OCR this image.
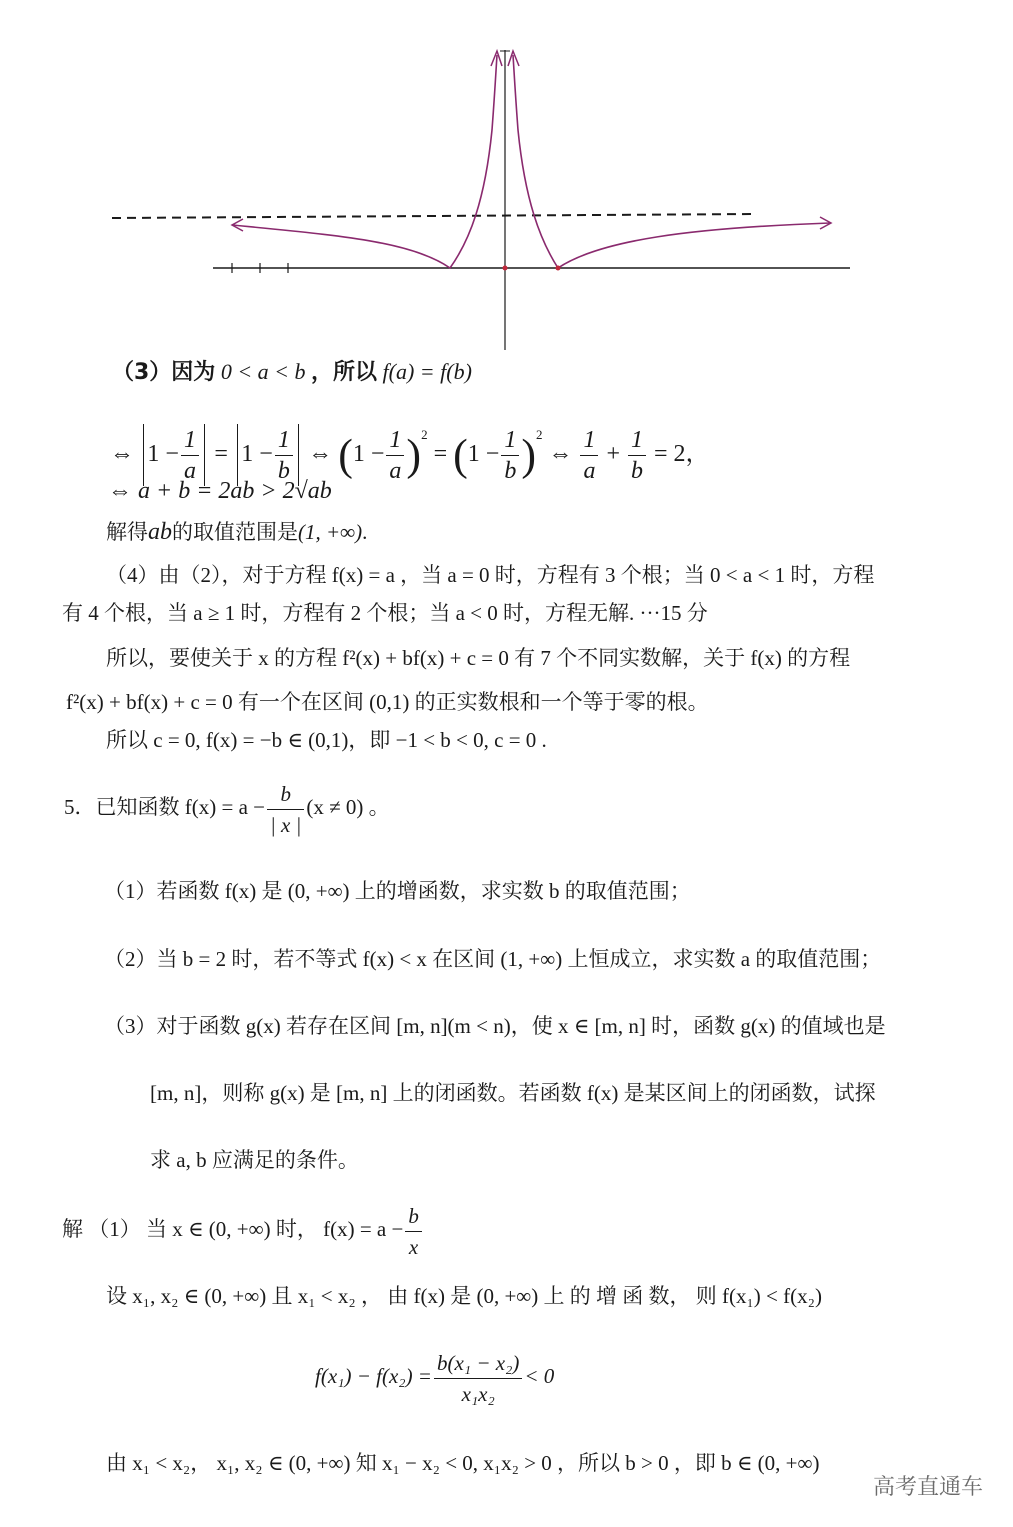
（3）因为 0 < a < b ，所以 f(a) = f(b)
⇔ $1 - \frac{1}{a} = 1 - \frac{1}{b}$ ⇔ $(1 - \frac{1}{a} )^2 = (1 - \frac{1}{b} )^2$ ⇔ $\frac{1}{a} + \frac{1}{b} = 2$，
⇔ a + b = 2ab > 2√ab
解得ab的取值范围是(1, +∞).
（4）由（2），对于方程 f(x) = a ，当 a = 0 时，方程有 3 个根；当 0 < a < 1 时，方程
有 4 个根，当 a ≥ 1 时，方程有 2 个根；当 a < 0 时，方程无解. ···15 分
所以，要使关于 x 的方程 f²(x) + bf(x) + c = 0 有 7 个不同实数解，关于 f(x) 的方程
f²(x) + bf(x) + c = 0 有一个在区间 (0,1) 的正实数根和一个等于零的根。
所以 c = 0, f(x) = −b ∈ (0,1)，即 −1 < b < 0, c = 0 .
5．已知函数 $f(x) = a - \frac{b}{| x |} (x \ne 0)$ 。
（1）若函数 f(x) 是 (0, +∞) 上的增函数，求实数 b 的取值范围；
（2）当 b = 2 时，若不等式 f(x) < x 在区间 (1, +∞) 上恒成立，求实数 a 的取值范围；
（3）对于函数 g(x) 若存在区间 [m, n](m < n)，使 x ∈ [m, n] 时，函数 g(x) 的值域也是
[m, n]，则称 g(x) 是 [m, n] 上的闭函数。若函数 f(x) 是某区间上的闭函数，试探
求 a, b 应满足的条件。
解 （1） 当 x ∈ (0, +∞) 时， $f(x) = a - \frac{b}{x}$
设 x₁, x₂ ∈ (0, +∞) 且 x₁ < x₂ ， 由 f(x) 是 (0, +∞) 上 的 增 函 数， 则 f(x₁) < f(x₂)
$f(x_1) - f(x_2) = \frac{\text{b(x₁ − x₂)}}{\text{x₁x₂}} < 0$
由 x₁ < x₂， x₁, x₂ ∈ (0, +∞) 知 x₁ − x₂ < 0, x₁x₂ > 0 ，所以 b > 0 ，即 b ∈ (0, +∞)
高考直通车
